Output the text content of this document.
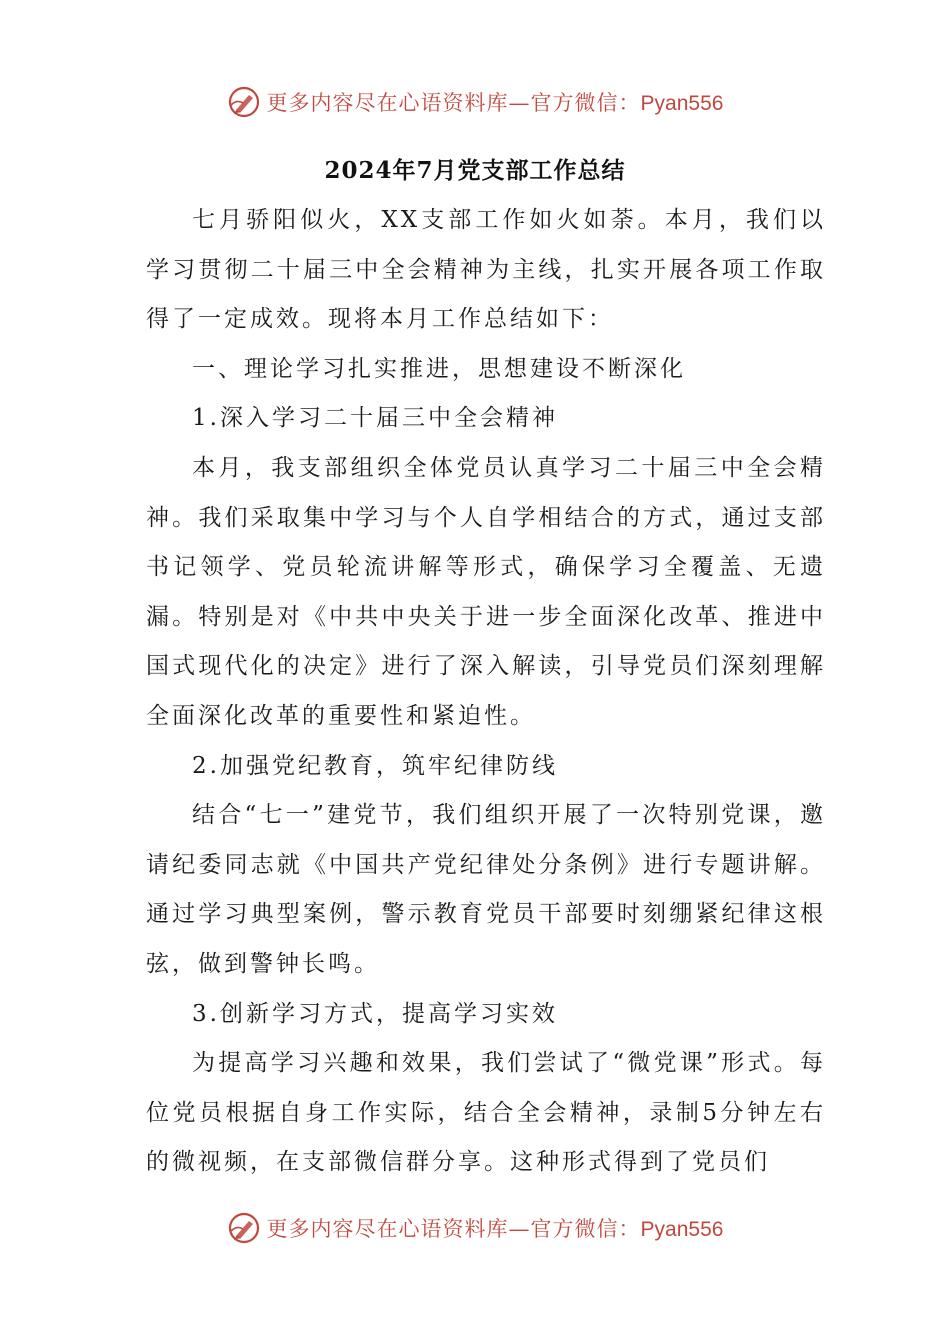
更多内容尽在心语资料库—官方微信：Pyan556
2024年7月党支部工作总结

七月骄阳似火，XX支部工作如火如荼。本月，我们以学习贯彻二十届三中全会精神为主线，扎实开展各项工作取得了一定成效。现将本月工作总结如下：

一、理论学习扎实推进，思想建设不断深化

1.深入学习二十届三中全会精神

本月，我支部组织全体党员认真学习二十届三中全会精神。我们采取集中学习与个人自学相结合的方式，通过支部书记领学、党员轮流讲解等形式，确保学习全覆盖、无遗漏。特别是对《中共中央关于进一步全面深化改革、推进中国式现代化的决定》进行了深入解读，引导党员们深刻理解全面深化改革的重要性和紧迫性。

2.加强党纪教育，筑牢纪律防线

结合“七一”建党节，我们组织开展了一次特别党课，邀请纪委同志就《中国共产党纪律处分条例》进行专题讲解。通过学习典型案例，警示教育党员干部要时刻绷紧纪律这根弦，做到警钟长鸣。

3.创新学习方式，提高学习实效

为提高学习兴趣和效果，我们尝试了“微党课”形式。每位党员根据自身工作实际，结合全会精神，录制5分钟左右的微视频，在支部微信群分享。这种形式得到了党员们

更多内容尽在心语资料库—官方微信：Pyan556
